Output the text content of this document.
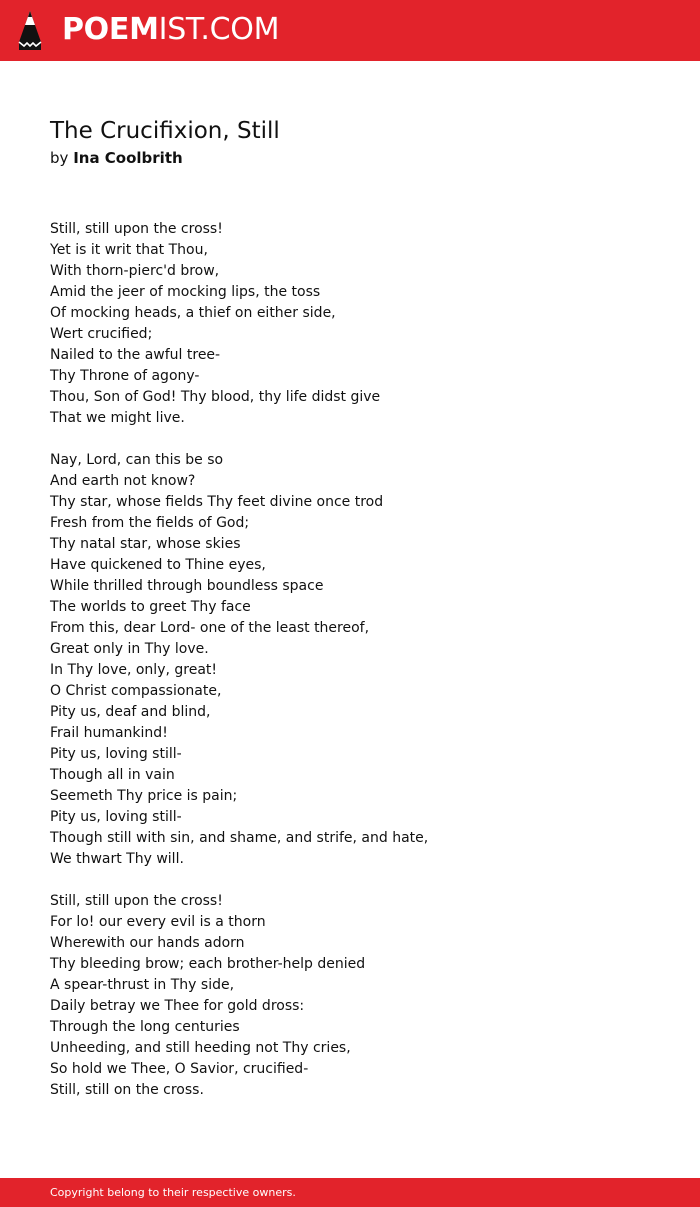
POEMIST.COM
The Crucifixion, Still
by Ina Coolbrith
Still, still upon the cross!
Yet is it writ that Thou,
With thorn-pierc'd brow,
Amid the jeer of mocking lips, the toss
Of mocking heads, a thief on either side,
Wert crucified;
Nailed to the awful tree-
Thy Throne of agony-
Thou, Son of God! Thy blood, thy life didst give
That we might live.
Nay, Lord, can this be so
And earth not know?
Thy star, whose fields Thy feet divine once trod
Fresh from the fields of God;
Thy natal star, whose skies
Have quickened to Thine eyes,
While thrilled through boundless space
The worlds to greet Thy face
From this, dear Lord- one of the least thereof,
Great only in Thy love.
In Thy love, only, great!
O Christ compassionate,
Pity us, deaf and blind,
Frail humankind!
Pity us, loving still-
Though all in vain
Seemeth Thy price is pain;
Pity us, loving still-
Though still with sin, and shame, and strife, and hate,
We thwart Thy will.
Still, still upon the cross!
For lo! our every evil is a thorn
Wherewith our hands adorn
Thy bleeding brow; each brother-help denied
A spear-thrust in Thy side,
Daily betray we Thee for gold dross:
Through the long centuries
Unheeding, and still heeding not Thy cries,
So hold we Thee, O Savior, crucified-
Still, still on the cross.
Copyright belong to their respective owners.
